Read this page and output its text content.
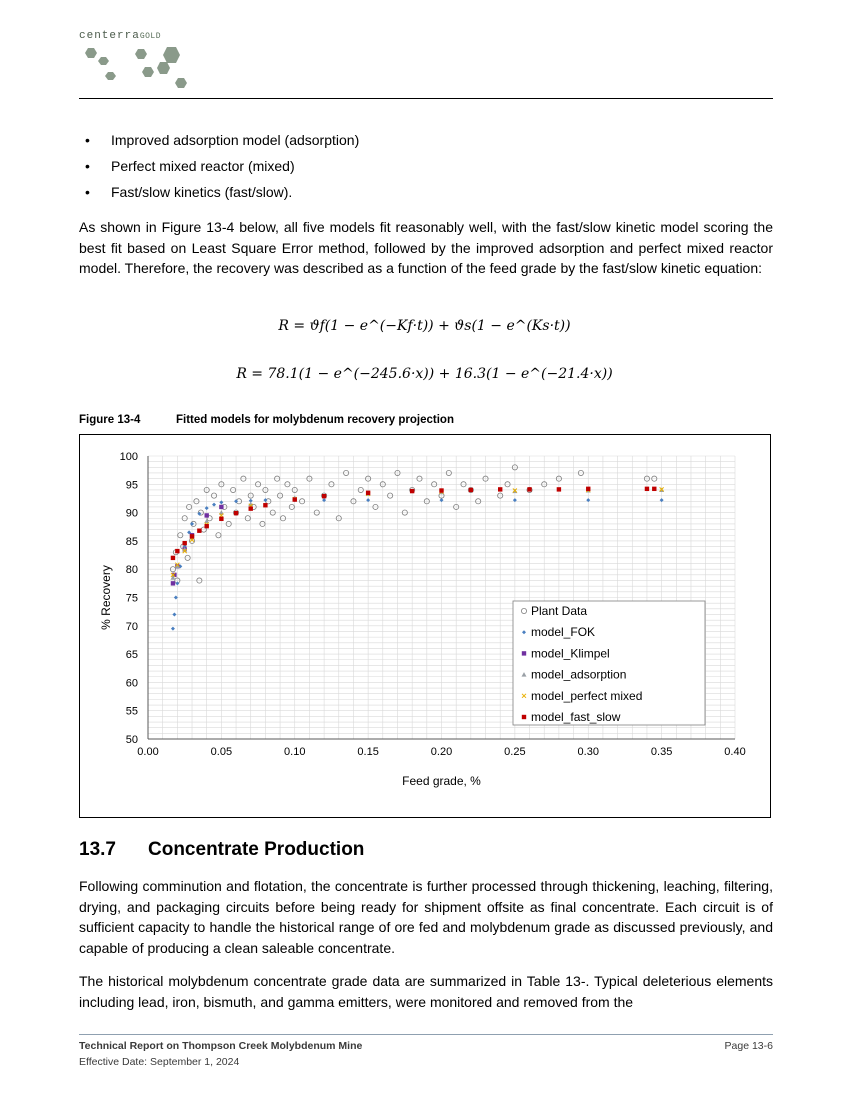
centerraGOLD
• Improved adsorption model (adsorption)
• Perfect mixed reactor (mixed)
• Fast/slow kinetics (fast/slow).

As shown in Figure 13-4 below, all five models fit reasonably well, with the fast/slow kinetic model scoring the best fit based on Least Square Error method, followed by the improved adsorption and perfect mixed reactor model. Therefore, the recovery was described as a function of the feed grade by the fast/slow kinetic equation:

R = ϑf(1 − e^(−Kf·t)) + ϑs(1 − e^(Ks·t))
R = 78.1(1 − e^(−245.6·x)) + 16.3(1 − e^(−21.4·x))
Figure 13-4	Fitted models for molybdenum recovery projection
0.00	0.05	0.10	0.15	0.20	0.25	0.30	0.35	0.40
50
55
60
65
70
75
80
85
90
95
100
Feed grade, %
% Recovery	Plant Data
model_FOK
model_Klimpel
model_adsorption
model_perfect mixed
model_fast_slow
13.7 Concentrate Production

Following comminution and flotation, the concentrate is further processed through thickening, leaching, filtering, drying, and packaging circuits before being ready for shipment offsite as final concentrate. Each circuit is of sufficient capacity to handle the historical range of ore fed and molybdenum grade as discussed previously, and capable of producing a clean saleable concentrate.

The historical molybdenum concentrate grade data are summarized in Table 13-. Typical deleterious elements including lead, iron, bismuth, and gamma emitters, were monitored and removed from the

Technical Report on Thompson Creek Molybdenum Mine
Effective Date: September 1, 2024
Page 13-6
